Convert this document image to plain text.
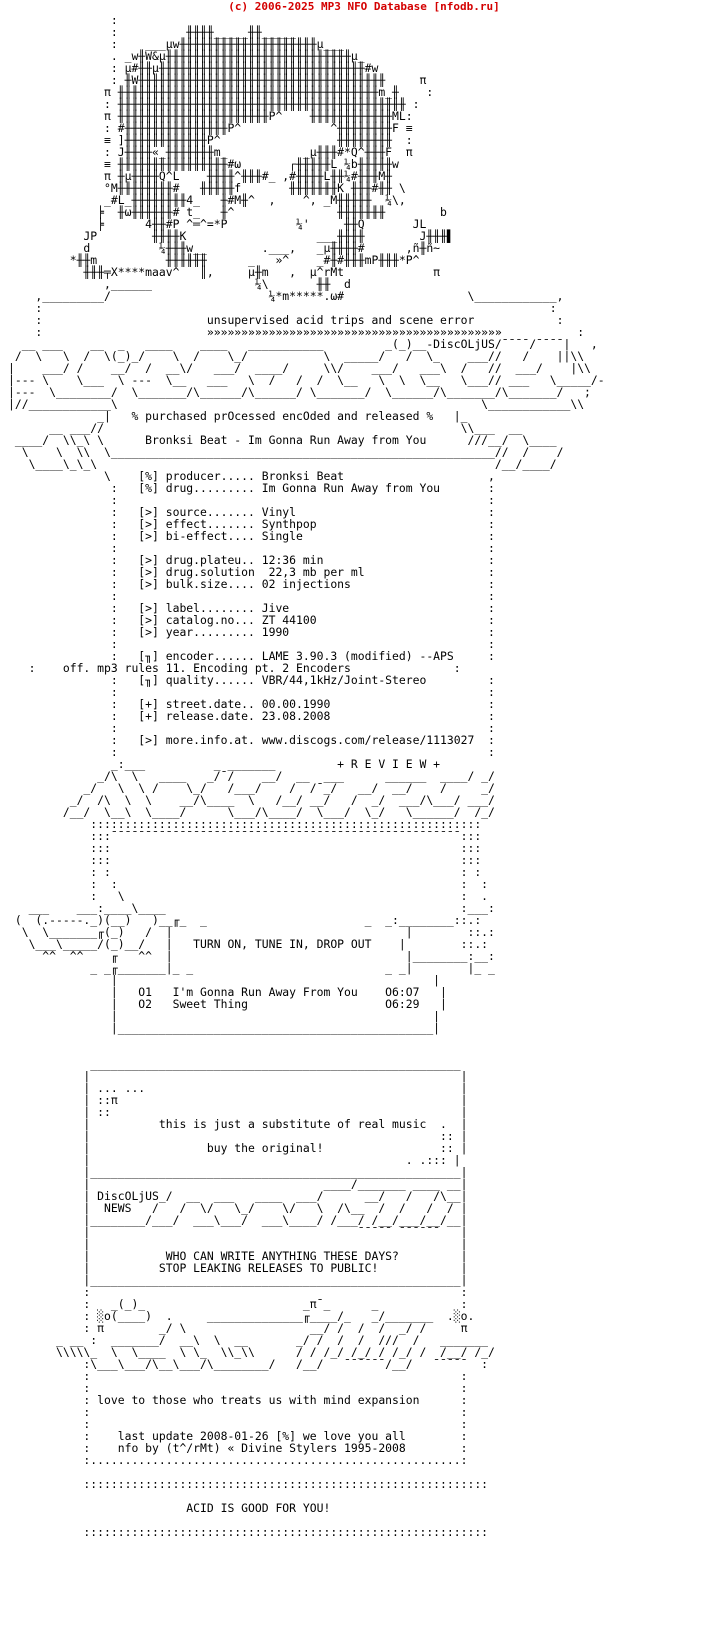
(c) 2006-2025 MP3 NFO Database [nfodb.ru]
:
:          ╫╫╫╫_____╫╫_____
:    ___μw╫╫╫╫╫╫╫╫╫╫╫╫╫╫╫╫╫╫╫╫μ___
. _w╫W&μ╫╫╫╫╫╫╫╫╫╫╫╫╫╫╫╫╫╫╫╫╫╫╫╫╫╫╫μ_
: μ#╫╫μ╫╫╫╫╫╫╫╫╫╫╫╫╫╫╫╫╫╫╫╫╫╫╫╫╫╫╫╫╫╫#w
: ╫W╫╫╫╫╫╫╫╫╫╫╫╫╫╫╫╫╫╫╫╫╫╫╫╫╫╫╫╫╫╫╫╫╫╫╫╫     π
π ╫╫╫╫╫╫╫╫╫╫╫╫╫╫╫╫╫╫╫╫╫╫╫╫╫╫╫╫╫╫╫╫╫╫╫╫╫╫m_╫    :
: ╫╫╫╫╫╫╫╫╫╫╫╫╫╫╫╫╫╫╫╫╫╫╫╫╫╫╫╫╫╫╫╫╫╫╫╫╫╫╫╫╫╫ :
π ╫╫╫╫╫╫╫╫╫╫╫╫╫╫╫╫╫╫╫╫╫╫P^    ╫╫╫╫╫╫╫╫╫╫╫╫ML:
: #╫╫╫╫╫╫╫╫╫╫╫╫╫╫╫P^             ^╫╫╫╫╫╫╫╫F ≡
≡ ]╫╫╫╫╫╫╫╫╫╫╫╫P^                 ╫╫╫╫╫╫╫╫  :
: J╫╫╫╫«_╫╫╫╫╫╫╫m_           _μ╫╫╫#*Q^╫╫╫F  π
≡ ╫╫╫╫╫╫╫╫╫╫╫╫╫╫╫╫#ω       ┌╫╫╫╫╫L ¼b╫╫╫╫╫w
π ╫μ╫╫╫╫Q^L    ╫╫╫╫^╫╫╫#_ ,#╫╫╫╫L╫╫¼#╫╫╫M╫
°M╫╫╫╫╫╫╫╫#   ╫╫╫╫╫f       ╫╫╫╫╫╫╫K ╫╫╫#╫╫ \
_#L_╫╫╫╫╫╫╫╫4_   ╫#M╫^  ,    ^, _M╫╫╫╫╫  ¼\,
╞  ╫ω╫╫╫╫╫╫# t_   ╫^               ╫╫╫╫╫╫╫        b
╞      4╫╫#P ^═^=*P          ¼'     ╫╫Q       JL
JP        ╫╫╫╫K                   ___╫╫╫╫        J╫╫╫▌
d          ¼╫╫╫w__        .___,   _μ╫╫╫╫#      ,ñ╫ñ~
*╫╫m          ╫╫╫╫╫╫      _   »^    _#╫#╫╫╫mP╫╫╫*P^
╫╫╫╤X****maav^   ║,     μ╫m   ,  μ^rMt             π
,______               ¼\       ╫╫  d
,_________/                       ¼*m*****.ω#                  \____________,
:                                                                          :
:                        unsupervised acid trips and scene error            :
:                        »»»»»»»»»»»»»»»»»»»»»»»»»»»»»»»»»»»»»»»»»»»           :
__ ___    __  _   ____    ____   ___________         _(_)__-DiscOLjUS/¯¯¯¯/¯¯¯¯|   ,
/  \   \  /  \(_)_/    \  /    \_/           \  _____/   /  \_    ___//   /    ||\\
|    ___/ /    __/  /  __\/   ___/  ____/     \\/    ___/   ___\  /   //  ___/    |\\
|--- \    \___  \ ---  \__   ___   \  /   /  /  \__   \  \  \__   \___// ___   \_____/-
|---  \________/  \_______/\______/\______/ \_______/  \______/\_______/\_______/   ;
|//____________\                                                     \____________\\
_|   % purchased prOcessed encOded and released %   |_
__ ___//                                                    \\___  __
____/  \\_\ \      Bronksi Beat - Im Gonna Run Away from You      ///__/  \____
\    \  \\  \________________________________________________________//  /    /
\____\_\_\                                                          /__/____/
\    [%] producer..... Bronksi Beat                     ,
:   [%] drug......... Im Gonna Run Away from You       :
:                                                      :
:   [>] source....... Vinyl                            :
:   [>] effect....... Synthpop                         :
:   [>] bi-effect.... Single                           :
:                                                      :
:   [>] drug.plateu.. 12:36 min                        :
:   [>] drug.solution  22,3 mb per ml                  :
:   [>] bulk.size.... 02 injections                    :
:                                                      :
:   [>] label........ Jive                             :
:   [>] catalog.no... ZT 44100                         :
:   [>] year......... 1990                             :
:                                                      :
:   [╖] encoder...... LAME 3.90.3 (modified) --APS     :
:    off. mp3 rules 11. Encoding pt. 2 Encoders               :
:   [╖] quality...... VBR/44,1kHz/Joint-Stereo         :
:                                                      :
:   [+] street.date.. 00.00.1990                       :
:   [+] release.date. 23.08.2008                       :
:                                                      :
:   [>] more.info.at. www.discogs.com/release/1113027  :
:                                                      :
_:___          _ _______         + R E V I E W +
_/\  \   ____   _/¯/    __/  __  ___      ______  ____/ _/
_/   \  \ /    \_/   /___/    /  /¯_/   __/  __/    /     _/
_/  /\  \  \    __/\____  \   /__/ __/   /  _/  ___/\___/ ___/
/__/  \__\  \____/      \___/\____/  \___/  \_/   \______/  /_/
:::::::::::::::::::::::::::::::::::::::::::::::::::::::::
:::¯¯¯¯¯¯¯¯¯¯¯¯¯¯¯¯¯¯¯¯¯¯¯¯¯¯¯¯¯¯¯¯¯¯¯¯¯¯¯¯¯¯¯¯¯¯¯¯¯¯¯:::
:::                                                   :::
:::                                                   :::
: :                                                   : :
:  :                                                  :  :
:   \                                                 :  .
___    ___:____\____                                           :___:
(  (.-----._)(__)   )__╓_  _                       _  _:________::.:
\  \_______╓(_)   /  |                                  |        ::.:
\___\_____/(_)__/   |   TURN ON, TUNE IN, DROP OUT    |        ::.:
^^  ^^    ╓   ^^  |                                  |________:__:
_ _╓_______|_ _                            _ _|        |_ _
|                                              |
|   O1   I'm Gonna Run Away From You    O6:O7   |
|   O2   Sweet Thing                    O6:29   |
|                                              |
|______________________________________________|

______________________________________________________
|                                                      |
| ... ...                                              |
| ::π                                                  |
| ::                                                   |
|          this is just a substitute of real music  .  |
|                                                   :: |
|                 buy the original!                 :: |
|                                              . .::: |
|______________________________________________________|
|                                  ____/_______ ____ __|
| DiscOLjUS_/  __  ___   ____  ___/      __/   /   /\__|
|  NEWS   /   /  \/   \_/    \/   \  /\__  /  /   /  / |
|________/___/  ___\___/  ___\____/ /___/ /__/___/__/__|
|                                       ¯¯¯¯¯ ¯¯¯¯¯¯   |
|                                                      |
|           WHO CAN WRITE ANYTHING THESE DAYS?         |
|          STOP LEAKING RELEASES TO PUBLIC!            |
|______________________________________________________|
:                                                      :
:   _(_)_                       _π¯_      _            :
: ░o(____)  .     ______________╓____/_   _/_______  .░o.
: π        _/ \                  __/ /  /  /  _/ /     π
_ __ :  _______/  __\  \  __       _/ /  /  /  ///  /   _______
\\\\\_  \  \____  \ \_  \\_\\      / / /_/ /_/ / /_/ /  /__/ /_/
:\___\___/\__\___/\________/   /__/   ¯¯¯¯¯¯/__/   ¯¯¯¯¯  :
:                                                      :
:                                                      :
: love to those who treats us with mind expansion      :
:                                                      :
:                                                      :
:    last update 2008-01-26 [%] we love you all        :
:    nfo by (t^/rMt) « Divine Stylers 1995-2008        :
:......................................................:

:::::::::::::::::::::::::::::::::::::::::::::::::::::::::::

ACID IS GOOD FOR YOU!

:::::::::::::::::::::::::::::::::::::::::::::::::::::::::::
